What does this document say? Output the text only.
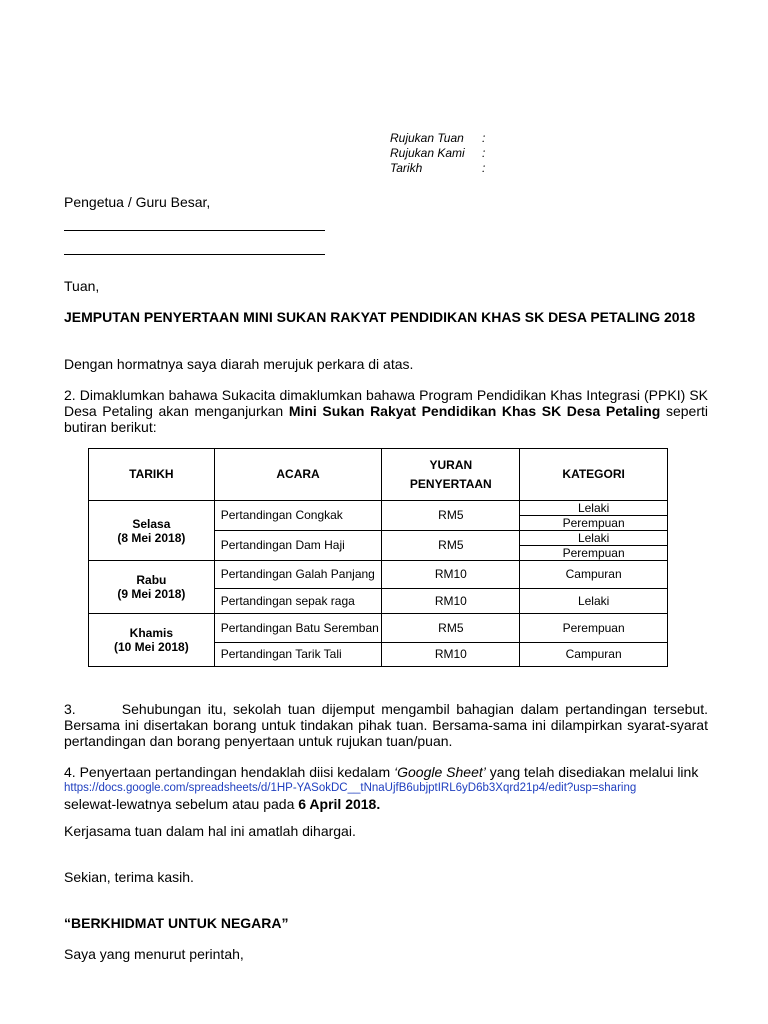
Rujukan Tuan :
Rujukan Kami :
Tarikh	:
Pengetua / Guru Besar,
Tuan,
JEMPUTAN PENYERTAAN MINI SUKAN RAKYAT PENDIDIKAN KHAS SK DESA PETALING 2018
Dengan hormatnya saya diarah merujuk perkara di atas.
2. Dimaklumkan bahawa Sukacita dimaklumkan bahawa Program Pendidikan Khas Integrasi (PPKI) SK Desa Petaling akan menganjurkan Mini Sukan Rakyat Pendidikan Khas SK Desa Petaling seperti butiran berikut:
TARIKH	ACARA	YURAN PENYERTAAN	KATEGORI
Selasa
(8 Mei 2018)	Pertandingan Congkak	RM5	Lelaki
			Perempuan
	Pertandingan Dam Haji	RM5	Lelaki
			Perempuan
Rabu
(9 Mei 2018)	Pertandingan Galah Panjang	RM10	Campuran
	Pertandingan sepak raga	RM10	Lelaki
Khamis
(10 Mei 2018)	Pertandingan Batu Seremban	RM5	Perempuan
	Pertandingan Tarik Tali	RM10	Campuran
3.       Sehubungan itu, sekolah tuan dijemput mengambil bahagian dalam pertandingan tersebut. Bersama ini disertakan borang untuk tindakan pihak tuan. Bersama-sama ini dilampirkan syarat-syarat pertandingan dan borang penyertaan untuk rujukan tuan/puan.
4. Penyertaan pertandingan hendaklah diisi kedalam ‘Google Sheet’ yang telah disediakan melalui link
https://docs.google.com/spreadsheets/d/1HP-YASokDC__tNnaUjfB6ubjptIRL6yD6b3Xqrd21p4/edit?usp=sharing
selewat-lewatnya sebelum atau pada 6 April 2018.
Kerjasama tuan dalam hal ini amatlah dihargai.
Sekian, terima kasih.
“BERKHIDMAT UNTUK NEGARA”
Saya yang menurut perintah,
